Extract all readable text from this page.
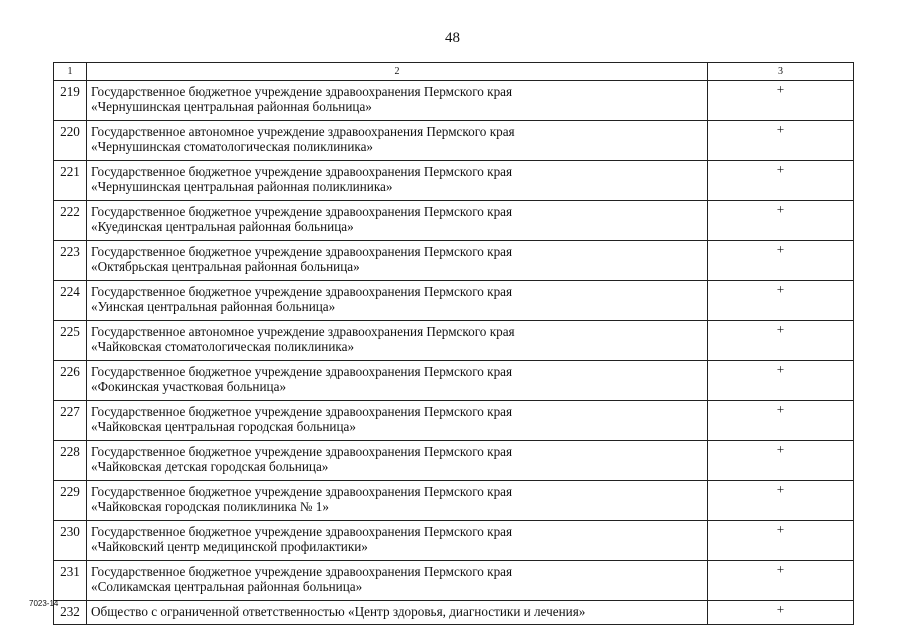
48
1	2	3
219	Государственное бюджетное учреждение здравоохранения Пермского края
«Чернушинская центральная районная больница»	+
220	Государственное автономное учреждение здравоохранения Пермского края
«Чернушинская стоматологическая поликлиника»	+
221	Государственное бюджетное учреждение здравоохранения Пермского края
«Чернушинская центральная районная поликлиника»	+
222	Государственное бюджетное учреждение здравоохранения Пермского края
«Куединская центральная районная больница»	+
223	Государственное бюджетное учреждение здравоохранения Пермского края
«Октябрьская центральная районная больница»	+
224	Государственное бюджетное учреждение здравоохранения Пермского края
«Уинская центральная районная больница»	+
225	Государственное автономное учреждение здравоохранения Пермского края
«Чайковская стоматологическая поликлиника»	+
226	Государственное бюджетное учреждение здравоохранения Пермского края
«Фокинская участковая больница»	+
227	Государственное бюджетное учреждение здравоохранения Пермского края
«Чайковская центральная городская больница»	+
228	Государственное бюджетное учреждение здравоохранения Пермского края
«Чайковская детская городская больница»	+
229	Государственное бюджетное учреждение здравоохранения Пермского края
«Чайковская городская поликлиника № 1»	+
230	Государственное бюджетное учреждение здравоохранения Пермского края
«Чайковский центр медицинской профилактики»	+
231	Государственное бюджетное учреждение здравоохранения Пермского края
«Соликамская центральная районная больница»	+
232	Общество с ограниченной ответственностью «Центр здоровья, диагностики и лечения»	+
7023-14
